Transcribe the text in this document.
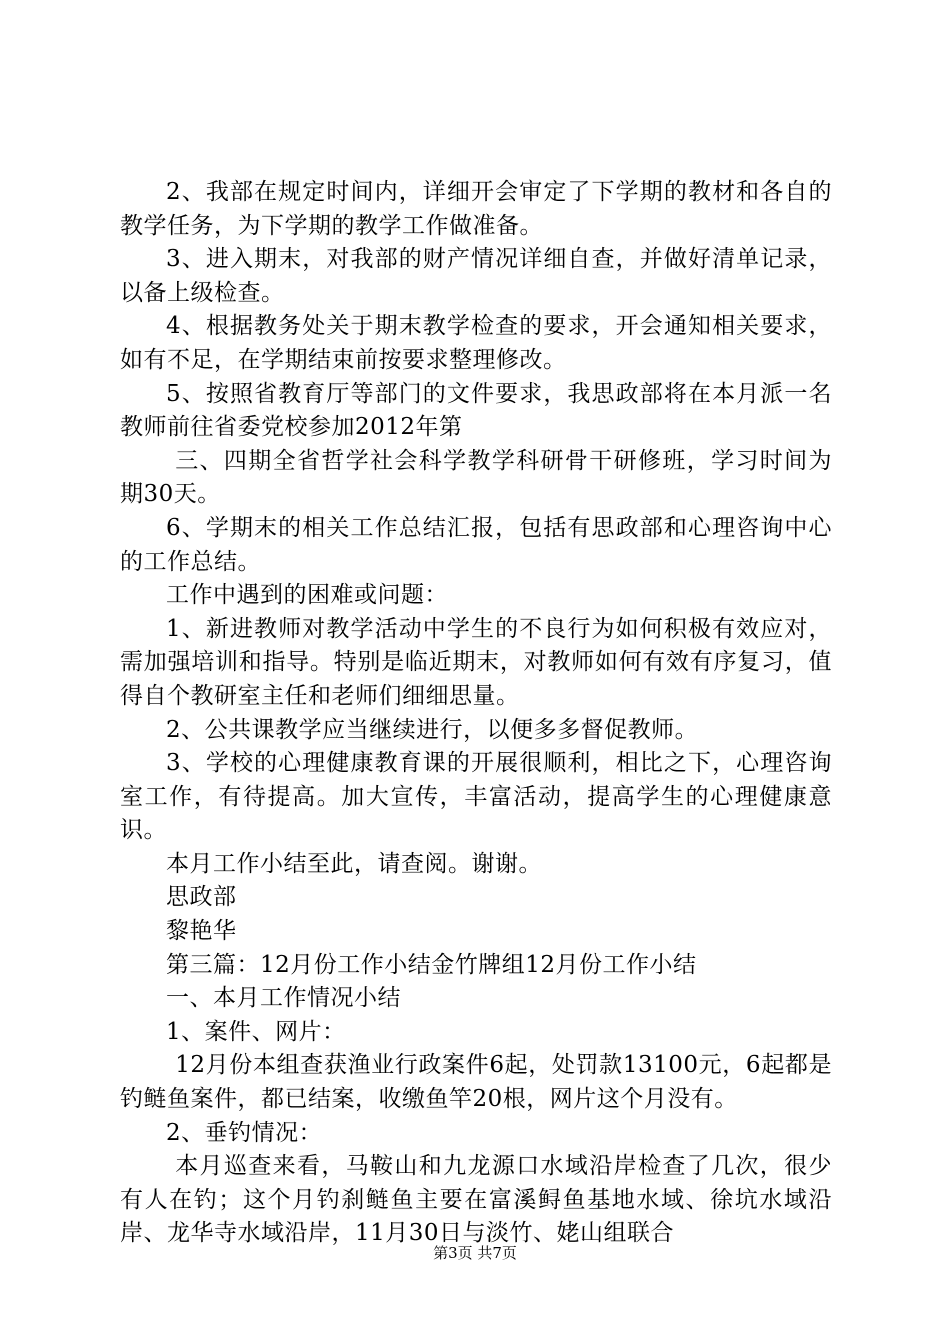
2、我部在规定时间内，详细开会审定了下学期的教材和各自的教学任务，为下学期的教学工作做准备。

3、进入期末，对我部的财产情况详细自查，并做好清单记录，以备上级检查。

4、根据教务处关于期末教学检查的要求，开会通知相关要求，如有不足，在学期结束前按要求整理修改。

5、按照省教育厅等部门的文件要求，我思政部将在本月派一名教师前往省委党校参加2012年第

三、四期全省哲学社会科学教学科研骨干研修班，学习时间为期30天。

6、学期末的相关工作总结汇报，包括有思政部和心理咨询中心的工作总结。

工作中遇到的困难或问题：

1、新进教师对教学活动中学生的不良行为如何积极有效应对，需加强培训和指导。特别是临近期末，对教师如何有效有序复习，值得自个教研室主任和老师们细细思量。

2、公共课教学应当继续进行，以便多多督促教师。

3、学校的心理健康教育课的开展很顺利，相比之下，心理咨询室工作，有待提高。加大宣传，丰富活动，提高学生的心理健康意识。

本月工作小结至此，请查阅。谢谢。

思政部

黎艳华

第三篇：12月份工作小结金竹牌组12月份工作小结

一、本月工作情况小结

1、案件、网片：

12月份本组查获渔业行政案件6起，处罚款13100元，6起都是钓鲢鱼案件，都已结案，收缴鱼竿20根，网片这个月没有。

2、垂钓情况：

本月巡查来看，马鞍山和九龙源口水域沿岸检查了几次，很少有人在钓；这个月钓刹鲢鱼主要在富溪鲟鱼基地水域、徐坑水域沿岸、龙华寺水域沿岸，11月30日与淡竹、姥山组联合

第3页 共7页
